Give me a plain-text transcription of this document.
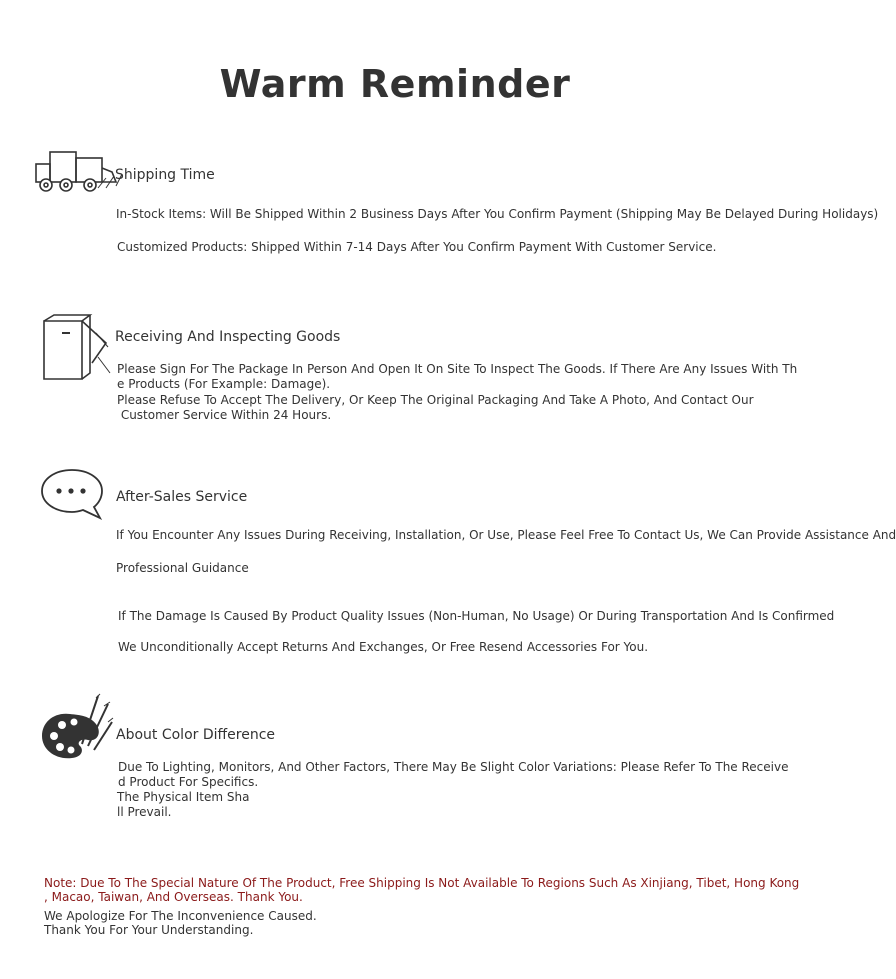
Warm Reminder
Shipping Time
In-Stock Items: Will Be Shipped Within 2 Business Days After You Confirm Payment (Shipping May Be Delayed During Holidays)
Customized Products: Shipped Within 7-14 Days After You Confirm Payment With Customer Service.
Receiving And Inspecting Goods
Please Sign For The Package In Person And Open It On Site To Inspect The Goods. If There Are Any Issues With Th
e Products (For Example: Damage).
Please Refuse To Accept The Delivery, Or Keep The Original Packaging And Take A Photo, And Contact Our
Customer Service Within 24 Hours.
After-Sales Service
If You Encounter Any Issues During Receiving, Installation, Or Use, Please Feel Free To Contact Us, We Can Provide Assistance And
Professional Guidance
If The Damage Is Caused By Product Quality Issues (Non-Human, No Usage) Or During Transportation And Is Confirmed
We Unconditionally Accept Returns And Exchanges, Or Free Resend Accessories For You.
About Color Difference
Due To Lighting, Monitors, And Other Factors, There May Be Slight Color Variations: Please Refer To The Receive
d Product For Specifics.
The Physical Item Sha
ll Prevail.
Note: Due To The Special Nature Of The Product, Free Shipping Is Not Available To Regions Such As Xinjiang, Tibet, Hong Kong
, Macao, Taiwan, And Overseas. Thank You.
We Apologize For The Inconvenience Caused.
Thank You For Your Understanding.
